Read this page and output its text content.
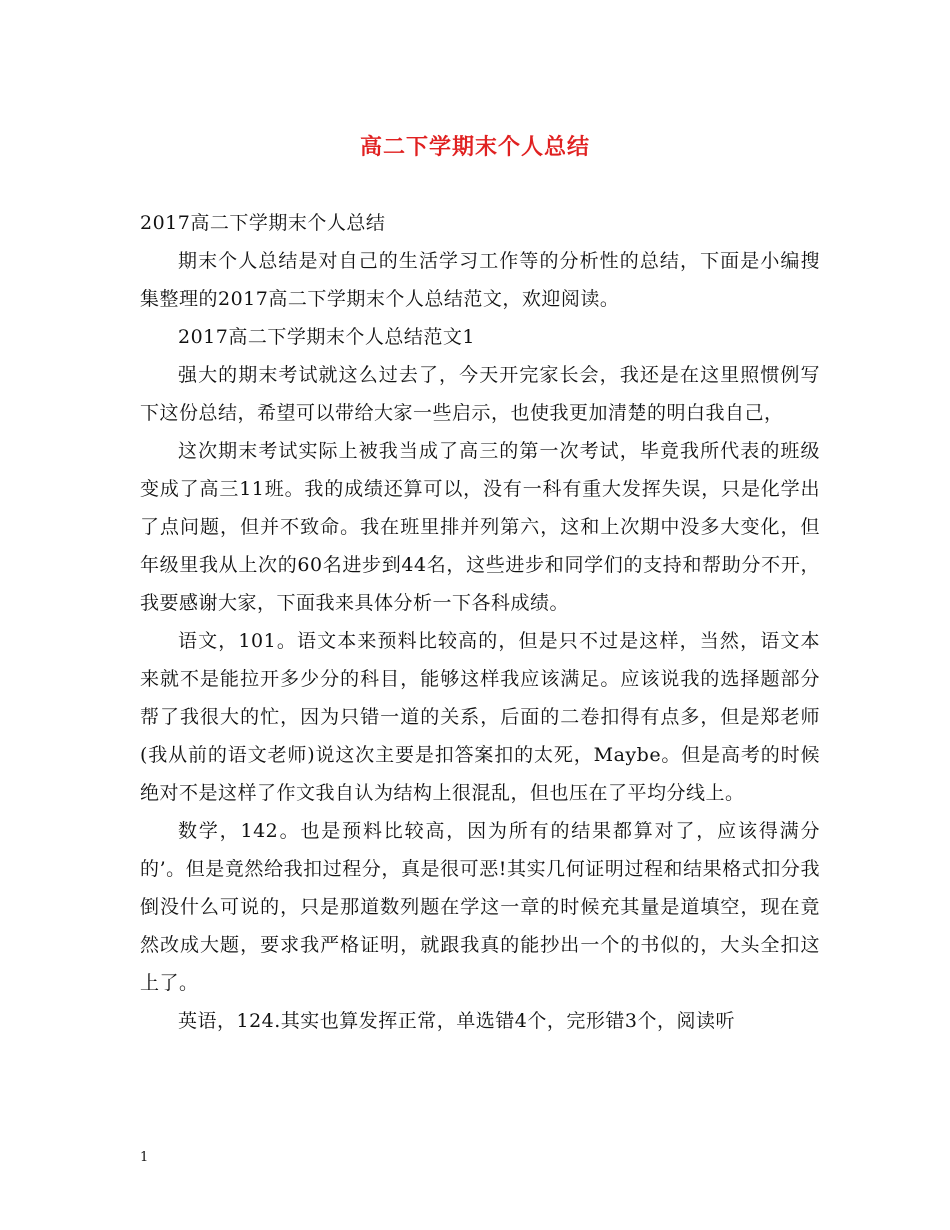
高二下学期末个人总结

2017高二下学期末个人总结

期末个人总结是对自己的生活学习工作等的分析性的总结，下面是小编搜集整理的2017高二下学期末个人总结范文，欢迎阅读。

2017高二下学期末个人总结范文1

强大的期末考试就这么过去了，今天开完家长会，我还是在这里照惯例写下这份总结，希望可以带给大家一些启示，也使我更加清楚的明白我自己，

这次期末考试实际上被我当成了高三的第一次考试，毕竟我所代表的班级变成了高三11班。我的成绩还算可以，没有一科有重大发挥失误，只是化学出了点问题，但并不致命。我在班里排并列第六，这和上次期中没多大变化，但年级里我从上次的60名进步到44名，这些进步和同学们的支持和帮助分不开，我要感谢大家，下面我来具体分析一下各科成绩。

语文，101。语文本来预料比较高的，但是只不过是这样，当然，语文本来就不是能拉开多少分的科目，能够这样我应该满足。应该说我的选择题部分帮了我很大的忙，因为只错一道的关系，后面的二卷扣得有点多，但是郑老师(我从前的语文老师)说这次主要是扣答案扣的太死，Maybe。但是高考的时候绝对不是这样了作文我自认为结构上很混乱，但也压在了平均分线上。

数学，142。也是预料比较高，因为所有的结果都算对了，应该得满分的’。但是竟然给我扣过程分，真是很可恶!其实几何证明过程和结果格式扣分我倒没什么可说的，只是那道数列题在学这一章的时候充其量是道填空，现在竟然改成大题，要求我严格证明，就跟我真的能抄出一个的书似的，大头全扣这上了。

英语，124.其实也算发挥正常，单选错4个，完形错3个，阅读听

1
